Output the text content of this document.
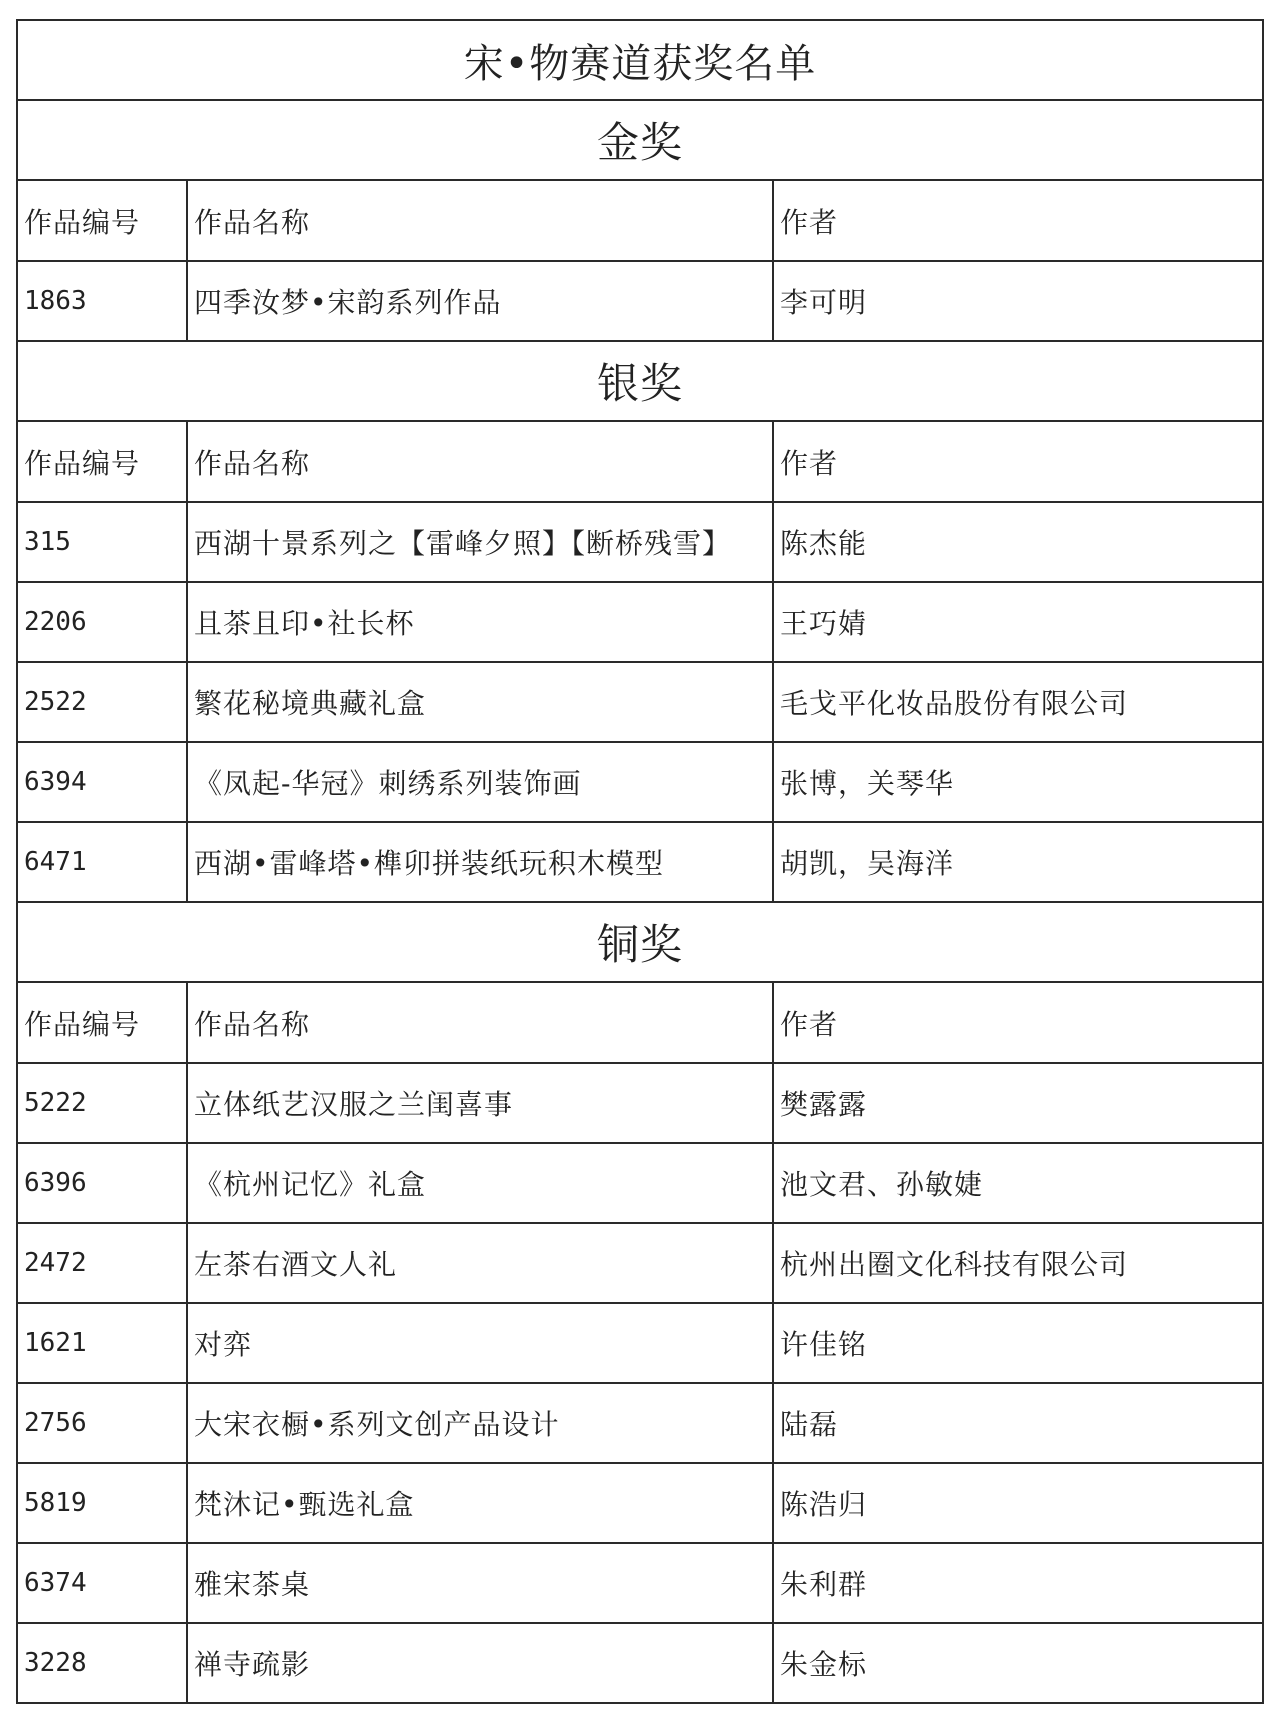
宋•物赛道获奖名单		
金奖		
作品编号	作品名称	作者
1863	四季汝梦•宋韵系列作品	李可明
银奖		
作品编号	作品名称	作者
315	西湖十景系列之【雷峰夕照】【断桥残雪】	陈杰能
2206	且茶且印•社长杯	王巧婧
2522	繁花秘境典藏礼盒	毛戈平化妆品股份有限公司
6394	《凤起-华冠》刺绣系列装饰画	张博，关琴华
6471	西湖•雷峰塔•榫卯拼装纸玩积木模型	胡凯，吴海洋
铜奖		
作品编号	作品名称	作者
5222	立体纸艺汉服之兰闺喜事	樊露露
6396	《杭州记忆》礼盒	池文君、孙敏婕
2472	左茶右酒文人礼	杭州出圈文化科技有限公司
1621	对弈	许佳铭
2756	大宋衣橱•系列文创产品设计	陆磊
5819	梵沐记•甄选礼盒	陈浩归
6374	雅宋茶桌	朱利群
3228	禅寺疏影	朱金标
